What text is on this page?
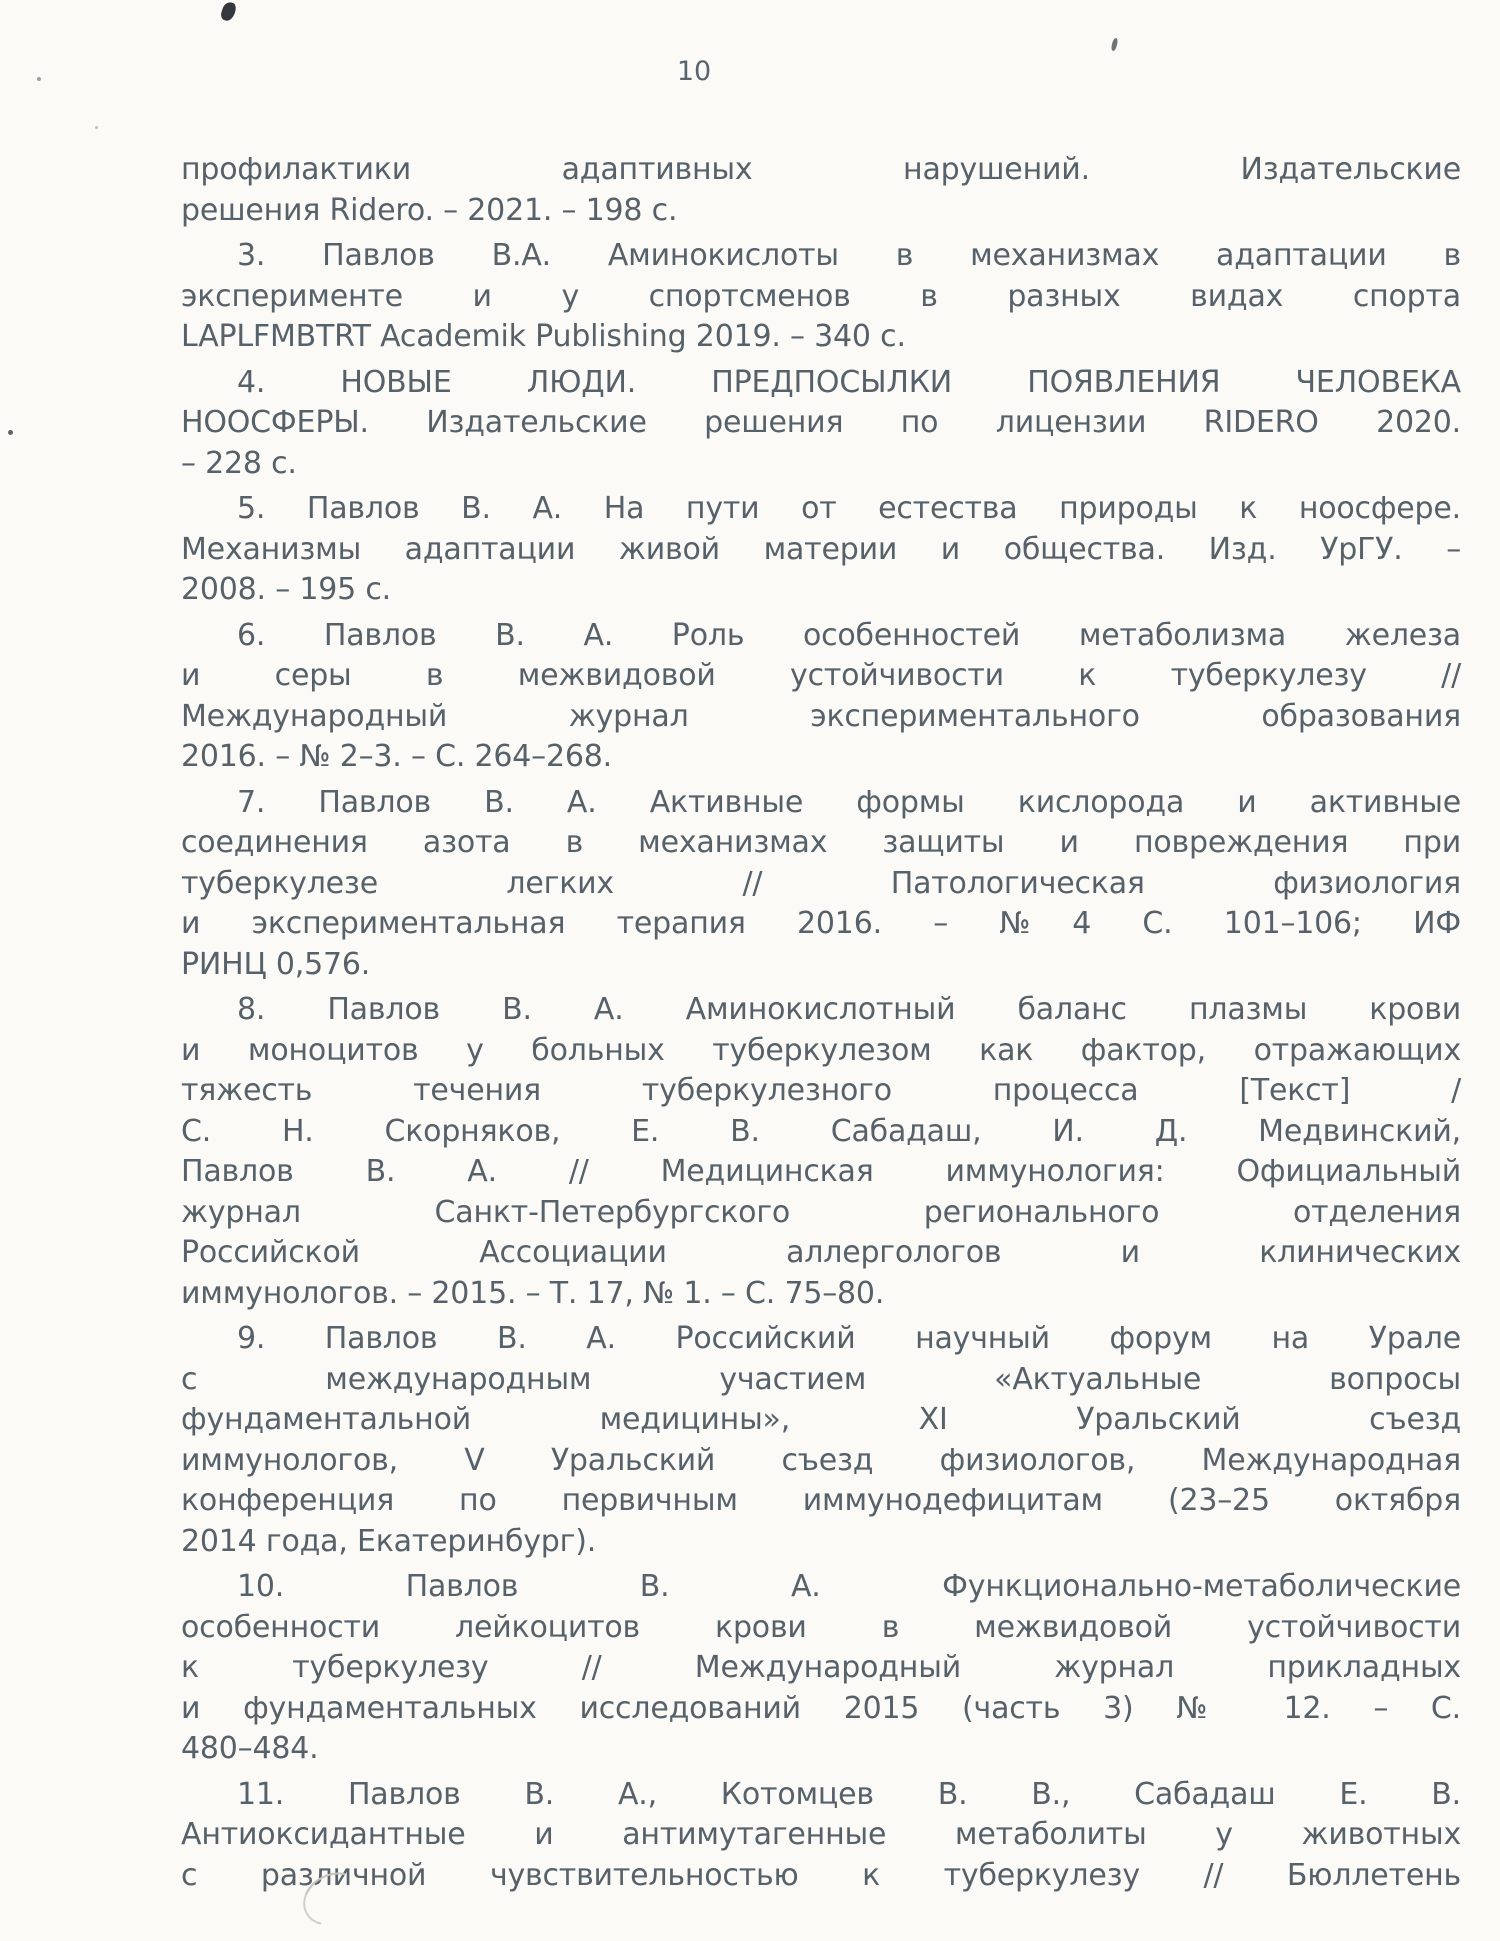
10
профилактики адаптивных нарушений. Издательские
решения Ridero. – 2021. – 198 с.
3. Павлов В.А. Аминокислоты в механизмах адаптации в
эксперименте и у спортсменов в разных видах спорта
LAPLFMBTRT Academik Publishing 2019. – 340 с.
4. НОВЫЕ ЛЮДИ. ПРЕДПОСЫЛКИ ПОЯВЛЕНИЯ ЧЕЛОВЕКА
НООСФЕРЫ. Издательские решения по лицензии RIDERO 2020.
– 228 с.
5. Павлов В. А. На пути от естества природы к ноосфере.
Механизмы адаптации живой материи и общества. Изд. УрГУ. –
2008. – 195 с.
6. Павлов В. А. Роль особенностей метаболизма железа
и серы в межвидовой устойчивости к туберкулезу //
Международный журнал экспериментального образования
2016. – № 2–3. – С. 264–268.
7. Павлов В. А. Активные формы кислорода и активные
соединения азота в механизмах защиты и повреждения при
туберкулезе легких // Патологическая физиология
и экспериментальная терапия 2016. – №4 С. 101–106; ИФ
РИНЦ 0,576.
8. Павлов В. А. Аминокислотный баланс плазмы крови
и моноцитов у больных туберкулезом как фактор, отражающих
тяжесть течения туберкулезного процесса [Текст] /
С. Н. Скорняков, Е. В. Сабадаш, И. Д. Медвинский,
Павлов В. А. // Медицинская иммунология: Официальный
журнал Санкт-Петербургского регионального отделения
Российской Ассоциации аллергологов и клинических
иммунологов. – 2015. – Т. 17, № 1. – С. 75–80.
9. Павлов В. А. Российский научный форум на Урале
с международным участием «Актуальные вопросы
фундаментальной медицины», XI Уральский съезд
иммунологов, V Уральский съезд физиологов, Международная
конференция по первичным иммунодефицитам (23–25 октября
2014 года, Екатеринбург).
10. Павлов В. А. Функционально-метаболические
особенности лейкоцитов крови в межвидовой устойчивости
к туберкулезу // Международный журнал прикладных
и фундаментальных исследований 2015 (часть 3) № 12. – С.
480–484.
11. Павлов В. А., Котомцев В. В., Сабадаш Е. В.
Антиоксидантные и антимутагенные метаболиты у животных
с различной чувствительностью к туберкулезу // Бюллетень
